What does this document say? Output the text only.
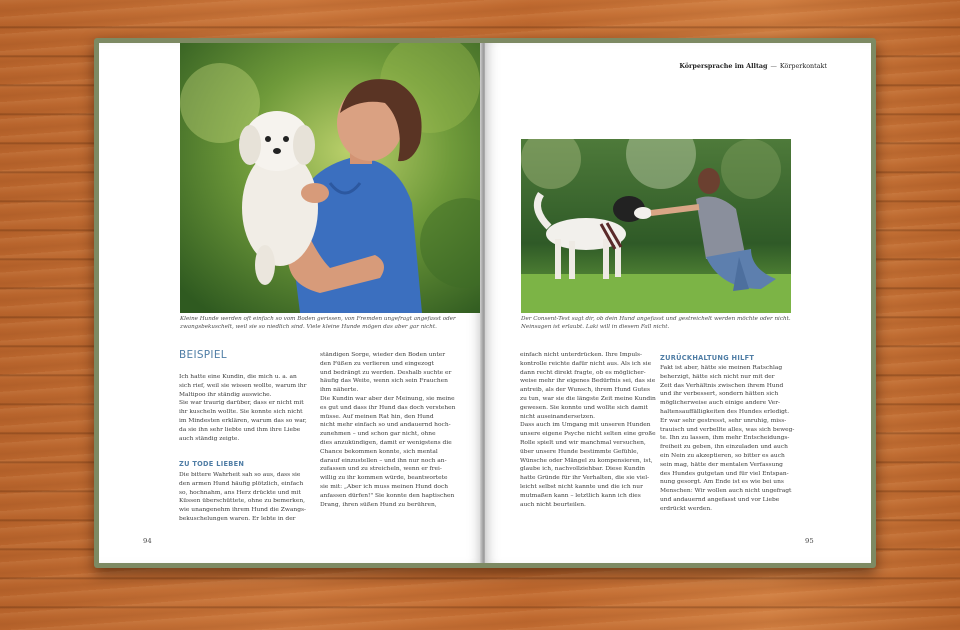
Kleine Hunde werden oft einfach so vom Boden gerissen, von Fremden ungefragt angefasst oder zwangsbekuschelt, weil sie so niedlich sind. Viele kleine Hunde mögen das aber gar nicht.
BEISPIEL
Ich hatte eine Kundin, die mich u. a. an
sich rief, weil sie wissen wollte, warum ihr
Maltipoo ihr ständig auswiche.
Sie war traurig darüber, dass er nicht mit
ihr kuscheln wollte. Sie konnte sich nicht
im Mindesten erklären, warum das so war,
da sie ihn sehr liebte und ihm ihre Liebe
auch ständig zeigte.
ZU TODE LIEBEN
Die bittere Wahrheit sah so aus, dass sie
den armen Hund häufig plötzlich, einfach
so, hochnahm, ans Herz drückte und mit
Küssen überschüttete, ohne zu bemerken,
wie unangenehm ihrem Hund die Zwangs-
bekuschelungen waren. Er lebte in der
ständigen Sorge, wieder den Boden unter
den Füßen zu verlieren und eingezogt
und bedrängt zu werden. Deshalb suchte er
häufig das Weite, wenn sich sein Frauchen
ihm näherte.
Die Kundin war aber der Meinung, sie meine
es gut und dass ihr Hund das doch verstehen
müsse. Auf meinen Rat hin, den Hund
nicht mehr einfach so und andauernd hoch-
zunehmen – und schon gar nicht, ohne
dies anzukündigen, damit er wenigstens die
Chance bekommen konnte, sich mental
darauf einzustellen – und ihn nur noch an-
zufassen und zu streicheln, wenn er frei-
willig zu ihr kommen würde, beantwortete
sie mit: „Aber ich muss meinen Hund doch
anfassen dürfen!" Sie konnte den haptischen
Drang, ihren süßen Hund zu berühren,
94
Körpersprache im Alltag — Körperkontakt
Der Consent-Test sagt dir, ob dein Hund angefasst und gestreichelt werden möchte oder nicht. Neinsagen ist erlaubt. Laki will in diesem Fall nicht.
einfach nicht unterdrücken. Ihre Impuls-
kontrolle reichte dafür nicht aus. Als ich sie
dann recht direkt fragte, ob es möglicher-
weise mehr ihr eigenes Bedürfnis sei, das sie
antreib, als der Wunsch, ihrem Hund Gutes
zu tun, war sie die längste Zeit meine Kundin
gewesen. Sie konnte und wollte sich damit
nicht auseinandersetzen.
Dass auch im Umgang mit unseren Hunden
unsere eigene Psyche nicht selten eine große
Rolle spielt und wir manchmal versuchen,
über unsere Hunde bestimmte Gefühle,
Wünsche oder Mängel zu kompensieren, ist,
glaube ich, nachvollziehbar. Diese Kundin
hatte Gründe für ihr Verhalten, die sie viel-
leicht selbst nicht kannte und die ich nur
mutmaßen kann – letztlich kann ich dies
auch nicht beurteilen.
ZURÜCKHALTUNG HILFT
Fakt ist aber, hätte sie meinen Ratschlag
beherzigt, hätte sich nicht nur mit der
Zeit das Verhältnis zwischen ihrem Hund
und ihr verbessert, sondern hätten sich
möglicherweise auch einige andere Ver-
haltensauffälligkeiten des Hundes erledigt.
Er war sehr gestresst, sehr unruhig, miss-
trauisch und verbellte alles, was sich beweg-
te. Ihn zu lassen, ihm mehr Entscheidungs-
freiheit zu geben, ihn einzuladen und auch
ein Nein zu akzeptieren, so bitter es auch
sein mag, hätte der mentalen Verfassung
des Hundes gutgetan und für viel Entspan-
nung gesorgt. Am Ende ist es wie bei uns
Menschen: Wir wollen auch nicht ungefragt
und andauernd angefasst und vor Liebe
erdrückt werden.
95
